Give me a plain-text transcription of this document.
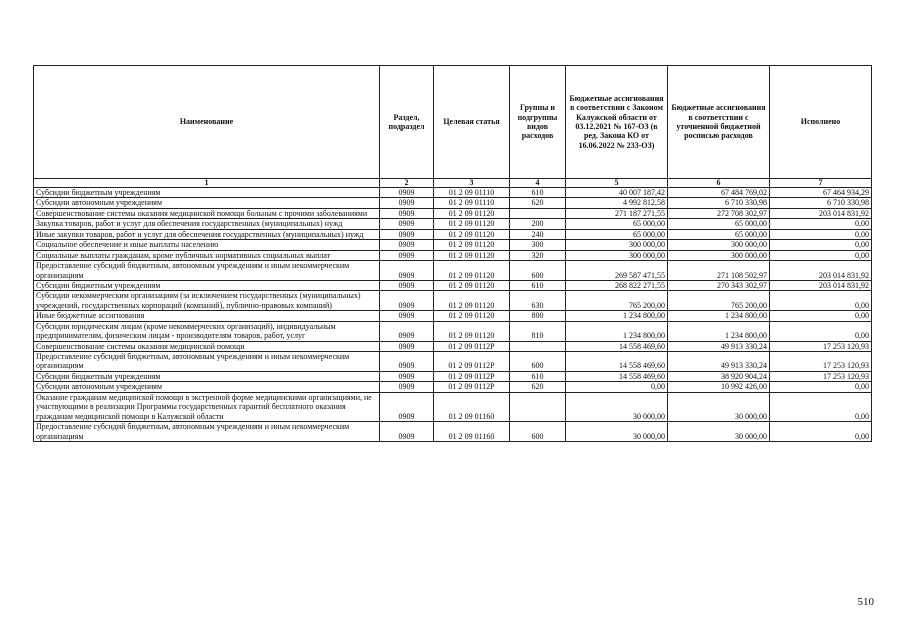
Наименование	Раздел, подраздел	Целевая статья	Группы и подгруппы видов расходов	Бюджетные ассигнования в соответствии с Законом Калужской области от 03.12.2021 № 167-ОЗ (в ред. Закона КО от 16.06.2022 № 233-ОЗ)	Бюджетные ассигнования в соответствии с уточненной бюджетной росписью расходов	Исполнено
1	2	3	4	5	6	7
Субсидии бюджетным учреждениям	0909	01 2 09 01110	610	40 007 187,42	67 484 769,02	67 464 934,29
Субсидии автономным учреждениям	0909	01 2 09 01110	620	4 992 812,58	6 710 330,98	6 710 330,98
Совершенствование системы оказания медицинской помощи больным с прочими заболеваниями	0909	01 2 09 01120		271 187 271,55	272 708 302,97	203 014 831,92
Закупка товаров, работ и услуг для обеспечения государственных (муниципальных) нужд	0909	01 2 09 01120	200	65 000,00	65 000,00	0,00
Иные закупки товаров, работ и услуг для обеспечения государственных (муниципальных) нужд	0909	01 2 09 01120	240	65 000,00	65 000,00	0,00
Социальное обеспечение и иные выплаты населению	0909	01 2 09 01120	300	300 000,00	300 000,00	0,00
Социальные выплаты гражданам, кроме публичных нормативных социальных выплат	0909	01 2 09 01120	320	300 000,00	300 000,00	0,00
Предоставление субсидий бюджетным, автономным учреждениям и иным некоммерческим организациям	0909	01 2 09 01120	600	269 587 471,55	271 108 502,97	203 014 831,92
Субсидии бюджетным учреждениям	0909	01 2 09 01120	610	268 822 271,55	270 343 302,97	203 014 831,92
Субсидии некоммерческим организациям (за исключением государственных (муниципальных) учреждений, государственных корпораций (компаний), публично-правовых компаний)	0909	01 2 09 01120	630	765 200,00	765 200,00	0,00
Иные бюджетные ассигнования	0909	01 2 09 01120	800	1 234 800,00	1 234 800,00	0,00
Субсидии юридическим лицам (кроме некоммерческих организаций), индивидуальным предпринимателям, физическим лицам - производителям товаров, работ, услуг	0909	01 2 09 01120	810	1 234 800,00	1 234 800,00	0,00
Совершенствование системы оказания медицинской помощи	0909	01 2 09 0112Р		14 558 469,60	49 913 330,24	17 253 120,93
Предоставление субсидий бюджетным, автономным учреждениям и иным некоммерческим организациям	0909	01 2 09 0112Р	600	14 558 469,60	49 913 330,24	17 253 120,93
Субсидии бюджетным учреждениям	0909	01 2 09 0112Р	610	14 558 469,60	38 920 904,24	17 253 120,93
Субсидии автономным учреждениям	0909	01 2 09 0112Р	620	0,00	10 992 426,00	0,00
Оказание гражданам медицинской помощи в экстренной форме медицинскими организациями, не участвующими в реализации Программы государственных гарантий бесплатного оказания гражданам медицинской помощи в Калужской области	0909	01 2 09 01160		30 000,00	30 000,00	0,00
Предоставление субсидий бюджетным, автономным учреждениям и иным некоммерческим организациям	0909	01 2 09 01160	600	30 000,00	30 000,00	0,00
510
